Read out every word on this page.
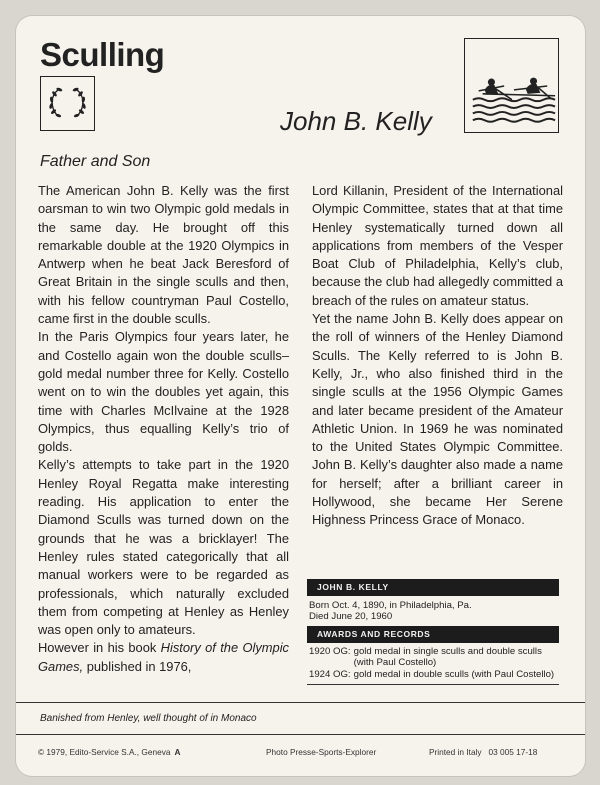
Sculling
John B. Kelly
Father and Son

The American John B. Kelly was the first oarsman to win two Olympic gold medals in the same day. He brought off this remarkable double at the 1920 Olympics in Antwerp when he beat Jack Beresford of Great Britain in the single sculls and then, with his fellow countryman Paul Costello, came first in the double sculls.

In the Paris Olympics four years later, he and Costello again won the double sculls–gold medal number three for Kelly. Costello went on to win the doubles yet again, this time with Charles McIlvaine at the 1928 Olympics, thus equalling Kelly’s trio of golds.

Kelly’s attempts to take part in the 1920 Henley Royal Regatta make interesting reading. His application to enter the Diamond Sculls was turned down on the grounds that he was a bricklayer! The Henley rules stated categorically that all manual workers were to be regarded as professionals, which naturally excluded them from competing at Henley as Henley was open only to amateurs.

However in his book History of the Olympic Games, published in 1976,

Lord Killanin, President of the International Olympic Committee, states that at that time Henley systematically turned down all applications from members of the Vesper Boat Club of Philadelphia, Kelly’s club, because the club had allegedly committed a breach of the rules on amateur status.

Yet the name John B. Kelly does appear on the roll of winners of the Henley Diamond Sculls. The Kelly referred to is John B. Kelly, Jr., who also finished third in the single sculls at the 1956 Olympic Games and later became president of the Amateur Athletic Union. In 1969 he was nominated to the United States Olympic Committee. John B. Kelly’s daughter also made a name for herself; after a brilliant career in Hollywood, she became Her Serene Highness Princess Grace of Monaco.

JOHN B. KELLY
Born Oct. 4, 1890, in Philadelphia, Pa.
Died June 20, 1960
AWARDS AND RECORDS
1920 OG: gold medal in single sculls and double sculls (with Paul Costello)
1924 OG: gold medal in double sculls (with Paul Costello)
Banished from Henley, well thought of in Monaco
© 1979, Edito-Service S.A., Geneva A	Photo Presse-Sports-Explorer	Printed in Italy 03 005 17-18
